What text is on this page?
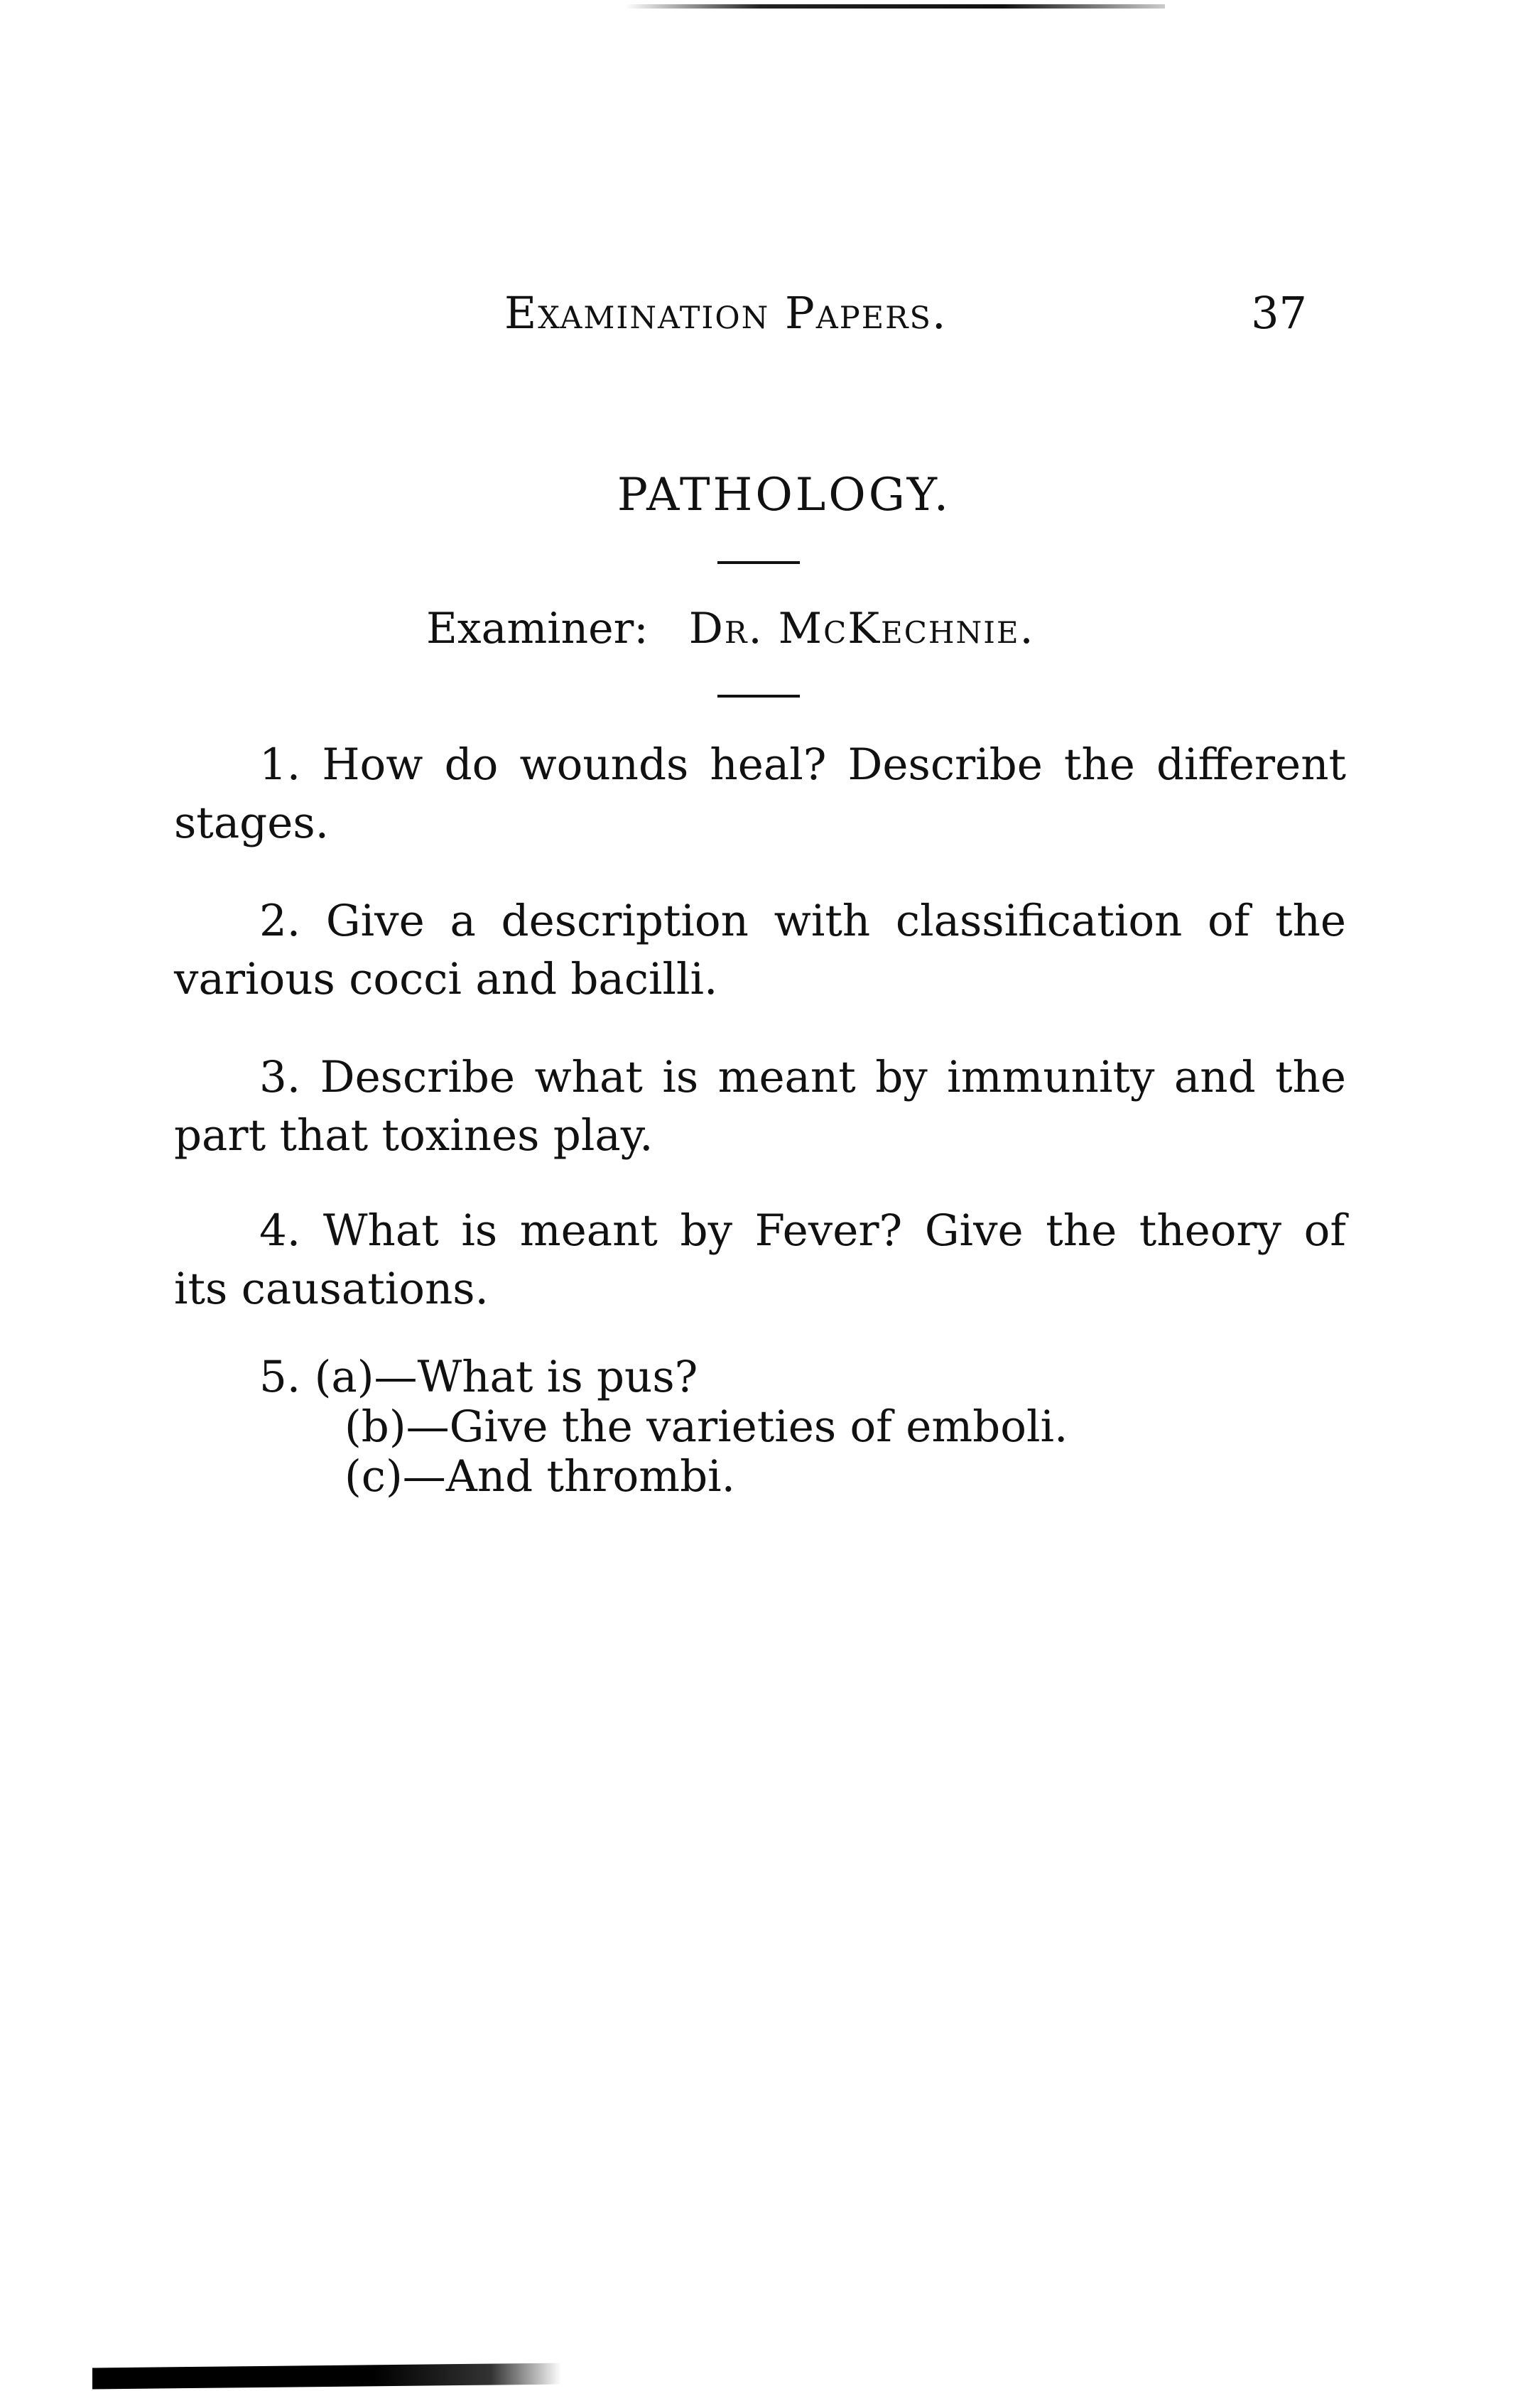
Examination Papers.	37
PATHOLOGY.
Examiner: Dr. McKechnie.
1. How do wounds heal? Describe the different
stages.
2. Give a description with classification of the
various cocci and bacilli.
3. Describe what is meant by immunity and the
part that toxines play.
4. What is meant by Fever? Give the theory of
its causations.
5. (a)—What is pus?
(b)—Give the varieties of emboli.
(c)—And thrombi.
